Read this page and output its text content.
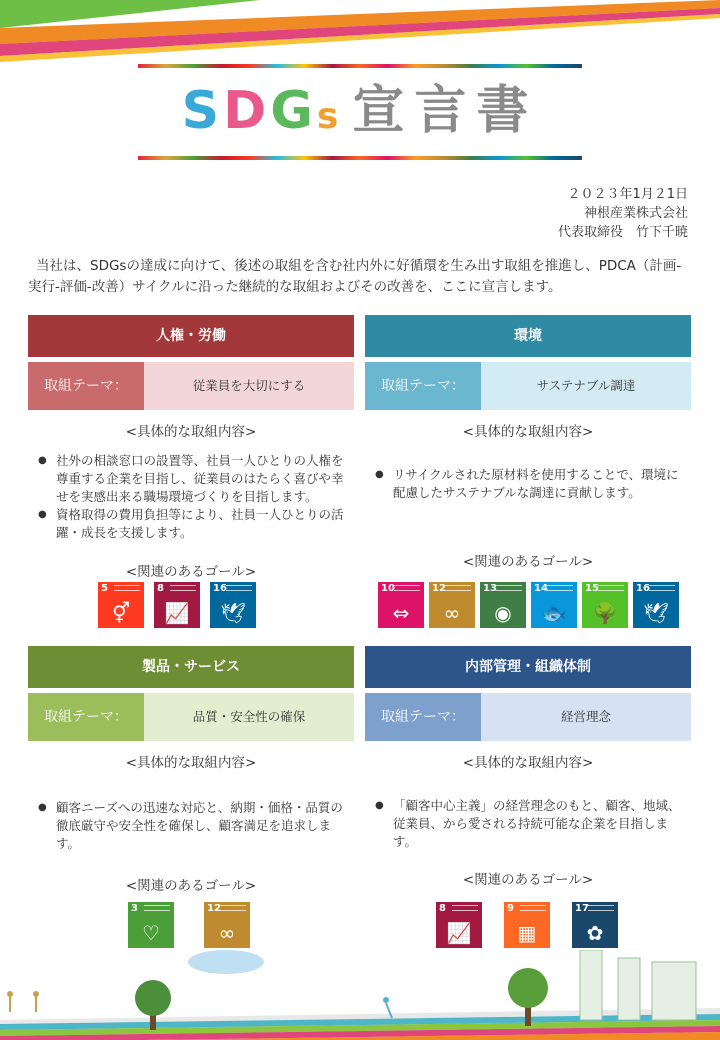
SDGs 宣言書
２０２３年1月２1日
神根産業株式会社
代表取締役　竹下千暁

当社は、SDGsの達成に向けて、後述の取組を含む社内外に好循環を生み出す取組を推進し、PDCA（計画-実行-評価-改善）サイクルに沿った継続的な取組およびその改善を、ここに宣言します。

人権・労働
取組テーマ：	従業員を大切にする
<具体的な取組内容>
● 社外の相談窓口の設置等、社員一人ひとりの人権を尊重する企業を目指し、従業員のはたらく喜びや幸せを実感出来る職場環境づくりを目指します。
● 資格取得の費用負担等により、社員一人ひとりの活躍・成長を支援します。
<関連のあるゴール>
5
⚥
8
📈
16
🕊
環境
取組テーマ：	サステナブル調達
<具体的な取組内容>
● リサイクルされた原材料を使用することで、環境に配慮したサステナブルな調達に貢献します。
<関連のあるゴール>
10
⇔
12
∞
13
◉
14
🐟
15
🌳
16
🕊
製品・サービス
取組テーマ：	品質・安全性の確保
<具体的な取組内容>
● 顧客ニーズへの迅速な対応と、納期・価格・品質の徹底厳守や安全性を確保し、顧客満足を追求します。
<関連のあるゴール>
3
♡
12
∞
内部管理・組織体制
取組テーマ：	経営理念
<具体的な取組内容>
● 「顧客中心主義」の経営理念のもと、顧客、地域、従業員、から愛される持続可能な企業を目指します。
<関連のあるゴール>
8
📈
9
▦
17
✿
